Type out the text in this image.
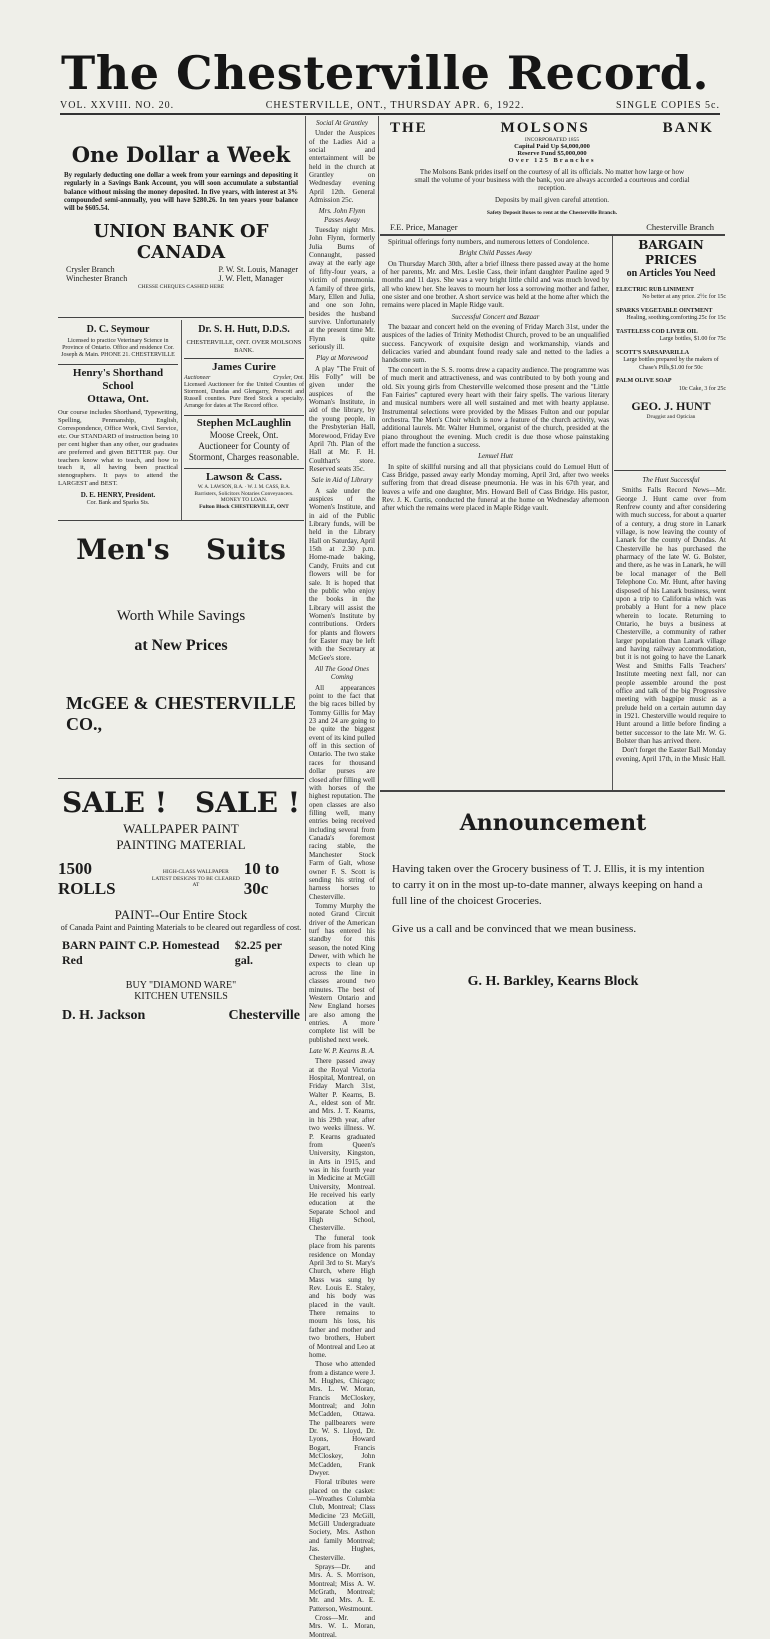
The Chesterville Record.
VOL. XXVIII. NO. 20.	CHESTERVILLE, ONT., THURSDAY APR. 6, 1922.	SINGLE COPIES 5c.
One Dollar a Week
By regularly deducting one dollar a week from your earnings and depositing it regularly in a Savings Bank Account, you will soon accumulate a substantial balance without missing the money deposited. In five years, with interest at 3% compounded semi-annually, you will have $280.26. In ten years your balance will be $605.54.
UNION BANK OF CANADA
Crysler Branch
Winchester Branch
P. W. St. Louis, Manager
J. W. Flett, Manager
CHESSE CHEQUES CASHED HERE
D. C. Seymour
Licensed to practice Veterinary Science in Province of Ontario. Office and residence Cor. Joseph & Main. PHONE 21. CHESTERVILLE
Henry's Shorthand School
Ottawa, Ont.
Our course includes Shorthand, Typewriting, Spelling, Penmanship, English, Correspondence, Office Work, Civil Service, etc. Our STANDARD of instruction being 10 per cent higher than any other, our graduates are preferred and given BETTER pay. Our teachers know what to teach, and how to teach it, all having been practical stenographers. It pays to attend the LARGEST and BEST.
D. E. HENRY, President.
Cor. Bank and Sparks Sts.
Dr. S. H. Hutt, D.D.S.
CHESTERVILLE, ONT. OVER MOLSONS BANK.
James Curire
Auctioneer	Crysler, Ont.
Licensed Auctioneer for the United Counties of Stormont, Dundas and Glengarry, Prescott and Russell counties. Pure Bred Stock a specialty. Arrange for dates at The Record office.
Stephen McLaughlin
Moose Creek, Ont.
Auctioneer for County of Stormont, Charges reasonable.
Lawson & Cass.
W. A. LAWSON, B.A. · W. J. M. CASS, B.A.
Barristers, Solicitors Notaries Conveyancers.
MONEY TO LOAN.
Fulton Block CHESTERVILLE, ONT
Men's Suits
Worth While Savings
at New Prices
McGEE & CO.,
CHESTERVILLE
SALE ! SALE !
WALLPAPER PAINT
PAINTING MATERIAL
1500 ROLLS
HIGH-CLASS WALLPAPER
LATEST DESIGNS TO BE CLEARED AT
10 to 30c
PAINT--Our Entire Stock
of Canada Paint and Painting Materials to be cleared out regardless of cost.
BARN PAINT C.P. Homestead Red
$2.25 per gal.
BUY "DIAMOND WARE"
KITCHEN UTENSILS
D. H. Jackson	Chesterville
Social At Grantley

Under the Auspices of the Ladies Aid a social and entertainment will be held in the church at Grantley on Wednesday evening April 12th. General Admission 25c.

Mrs. John Flynn Passes Away

Tuesday night Mrs. John Flynn, formerly Julia Burns of Connaught, passed away at the early age of fifty-four years, a victim of pneumonia. A family of three girls, Mary, Ellen and Julia, and one son John, besides the husband survive. Unfortunately at the present time Mr. Flynn is quite seriously ill.

Play at Morewood

A play "The Fruit of His Folly" will be given under the auspices of the Woman's Institute, in aid of the library, by the young people, in the Presbyterian Hall, Morewood, Friday Eve April 7th. Plan of the Hall at Mr. F. H. Coulthart's store. Reserved seats 35c.

Sale in Aid of Library

A sale under the auspices of the Women's Institute, and in aid of the Public Library funds, will be held in the Library Hall on Saturday, April 15th at 2.30 p.m. Home-made baking, Candy, Fruits and cut flowers will be for sale. It is hoped that the public who enjoy the books in the Library will assist the Women's Institute by contributions. Orders for plants and flowers for Easter may be left with the Secretary at McGee's store.

All The Good Ones Coming

All appearances point to the fact that the big races billed by Tommy Gillis for May 23 and 24 are going to be quite the biggest event of its kind pulled off in this section of Ontario. The two stake races for thousand dollar purses are closed after filling well with horses of the highest reputation. The open classes are also filling well, many entries being received including several from Canada's foremost racing stable, the Manchester Stock Farm of Galt, whose owner F. S. Scott is sending his string of harness horses to Chesterville.

Tommy Murphy the noted Grand Circuit driver of the American turf has entered his standby for this season, the noted King Dewer, with which he expects to clean up across the line in classes around two minutes. The best of Western Ontario and New England horses are also among the entries. A more complete list will be published next week.

Late W. P. Kearns B. A.

There passed away at the Royal Victoria Hospital, Montreal, on Friday March 31st, Walter P. Kearns, B. A., eldest son of Mr. and Mrs. J. T. Kearns, in his 29th year, after two weeks illness. W. P. Kearns graduated from Queen's University, Kingston, in Arts in 1915, and was in his fourth year in Medicine at McGill University, Montreal. He received his early education at the Separate School and High School, Chesterville.

The funeral took place from his parents residence on Monday April 3rd to St. Mary's Church, where High Mass was sung by Rev. Louis E. Staley, and his body was placed in the vault. There remains to mourn his loss, his father and mother and two brothers, Hubert of Montreal and Leo at home.

Those who attended from a distance were J. M. Hughes, Chicago; Mrs. L. W. Moran, Francis McCloskey, Montreal; and John McCadden, Ottawa. The pallbearers were Dr. W. S. Lloyd, Dr. Lyons, Howard Bogart, Francis McCloskey, John McCadden, Frank Dwyer.

Floral tributes were placed on the casket:—Wreathes Columbia Club, Montreal; Class Medicine '23 McGill, McGill Undergraduate Society, Mrs. Asthon and family Montreal; Jas. Hughes, Chesterville.

Sprays—Dr. and Mrs. A. S. Morrison, Montreal; Miss A. W. McGrath, Montreal; Mr. and Mrs. A. E. Patterson, Westmount.

Cross—Mr. and Mrs. W. L. Moran, Montreal.

THE	MOLSONS	BANK
INCORPORATED 1855
Capital Paid Up $4,000,000
Reserve Fund $5,000,000
Over 125 Branches
The Molsons Bank prides itself on the courtesy of all its officials. No matter how large or how small the volume of your business with the bank, you are always accorded a courteous and cordial reception.
Deposits by mail given careful attention.
Safety Deposit Boxes to rent at the Chesterville Branch.
F.E. Price, Manager	Chesterville Branch

Spiritual offerings forty numbers, and numerous letters of Condolence.

Bright Child Passes Away

On Thursday March 30th, after a brief illness there passed away at the home of her parents, Mr. and Mrs. Leslie Cass, their infant daughter Pauline aged 9 months and 11 days. She was a very bright little child and was much loved by all who knew her. She leaves to mourn her loss a sorrowing mother and father, one sister and one brother. A short service was held at the home after which the remains were placed in Maple Ridge vault.

Successful Concert and Bazaar

The bazaar and concert held on the evening of Friday March 31st, under the auspices of the ladies of Trinity Methodist Church, proved to be an unqualified success. Fancywork of exquisite design and workmanship, viands and delicacies varied and abundant found ready sale and netted to the ladies a handsome sum.

The concert in the S. S. rooms drew a capacity audience. The programme was of much merit and attractiveness, and was contributed to by both young and old. Six young girls from Chesterville welcomed those present and the "Little Fan Fairies" captured every heart with their fairy spells. The various literary and musical numbers were all well sustained and met with hearty applause. Instrumental selections were provided by the Misses Fulton and our popular orchestra. The Men's Choir which is now a feature of the church activity, was additional laurels. Mr. Walter Hummel, organist of the church, presided at the piano throughout the evening. Much credit is due those whose painstaking effort made the function a success.

Lemuel Hutt

In spite of skillful nursing and all that physicians could do Lemuel Hutt of Cass Bridge, passed away early Monday morning, April 3rd, after two weeks suffering from that dread disease pneumonia. He was in his 67th year, and leaves a wife and one daughter, Mrs. Howard Bell of Cass Bridge. His pastor, Rev. J. K. Curtis, conducted the funeral at the home on Wednesday afternoon after which the remains were placed in Maple Ridge vault.

BARGAIN PRICES
on Articles You Need
ELECTRIC RUB LINIMENT
No better at any price. 2½c for 15c
SPARKS VEGETABLE OINTMENT
Healing, soothing,comforting.25c for 15c
TASTELESS COD LIVER OIL
Large bottles, $1.00 for 75c
SCOTT'S SARSAPARILLA
Large bottles prepared by the makers of Chase's Pills,$1.00 for 50c
PALM OLIVE SOAP
10c Cake, 3 for 25c
GEO. J. HUNT
Druggist and Optician
The Hunt Successful

Smiths Falls Record News—Mr. George J. Hunt came over from Renfrew county and after considering with much success, for about a quarter of a century, a drug store in Lanark village, is now leaving the county of Lanark for the county of Dundas. At Chesterville he has purchased the pharmacy of the late W. G. Bolster, and there, as he was in Lanark, he will be local manager of the Bell Telephone Co. Mr. Hunt, after having disposed of his Lanark business, went upon a trip to California which was probably a Hunt for a new place wherein to locate. Returning to Ontario, he buys a business at Chesterville, a community of rather larger population than Lanark village and having railway accommodation, but it is not going to have the Lanark West and Smiths Falls Teachers' Institute meeting next fall, nor can people assemble around the post office and talk of the big Progressive meeting with bagpipe music as a prelude held on a certain autumn day in 1921. Chesterville would require to Hunt around a little before finding a better successor to the late Mr. W. G. Bolster than has arrived there.

Don't forget the Easter Ball Monday evening, April 17th, in the Music Hall.

Announcement
Having taken over the Grocery business of T. J. Ellis, it is my intention to carry it on in the most up-to-date manner, always keeping on hand a full line of the choicest Groceries.
Give us a call and be convinced that we mean business.
G. H. Barkley, Kearns Block
